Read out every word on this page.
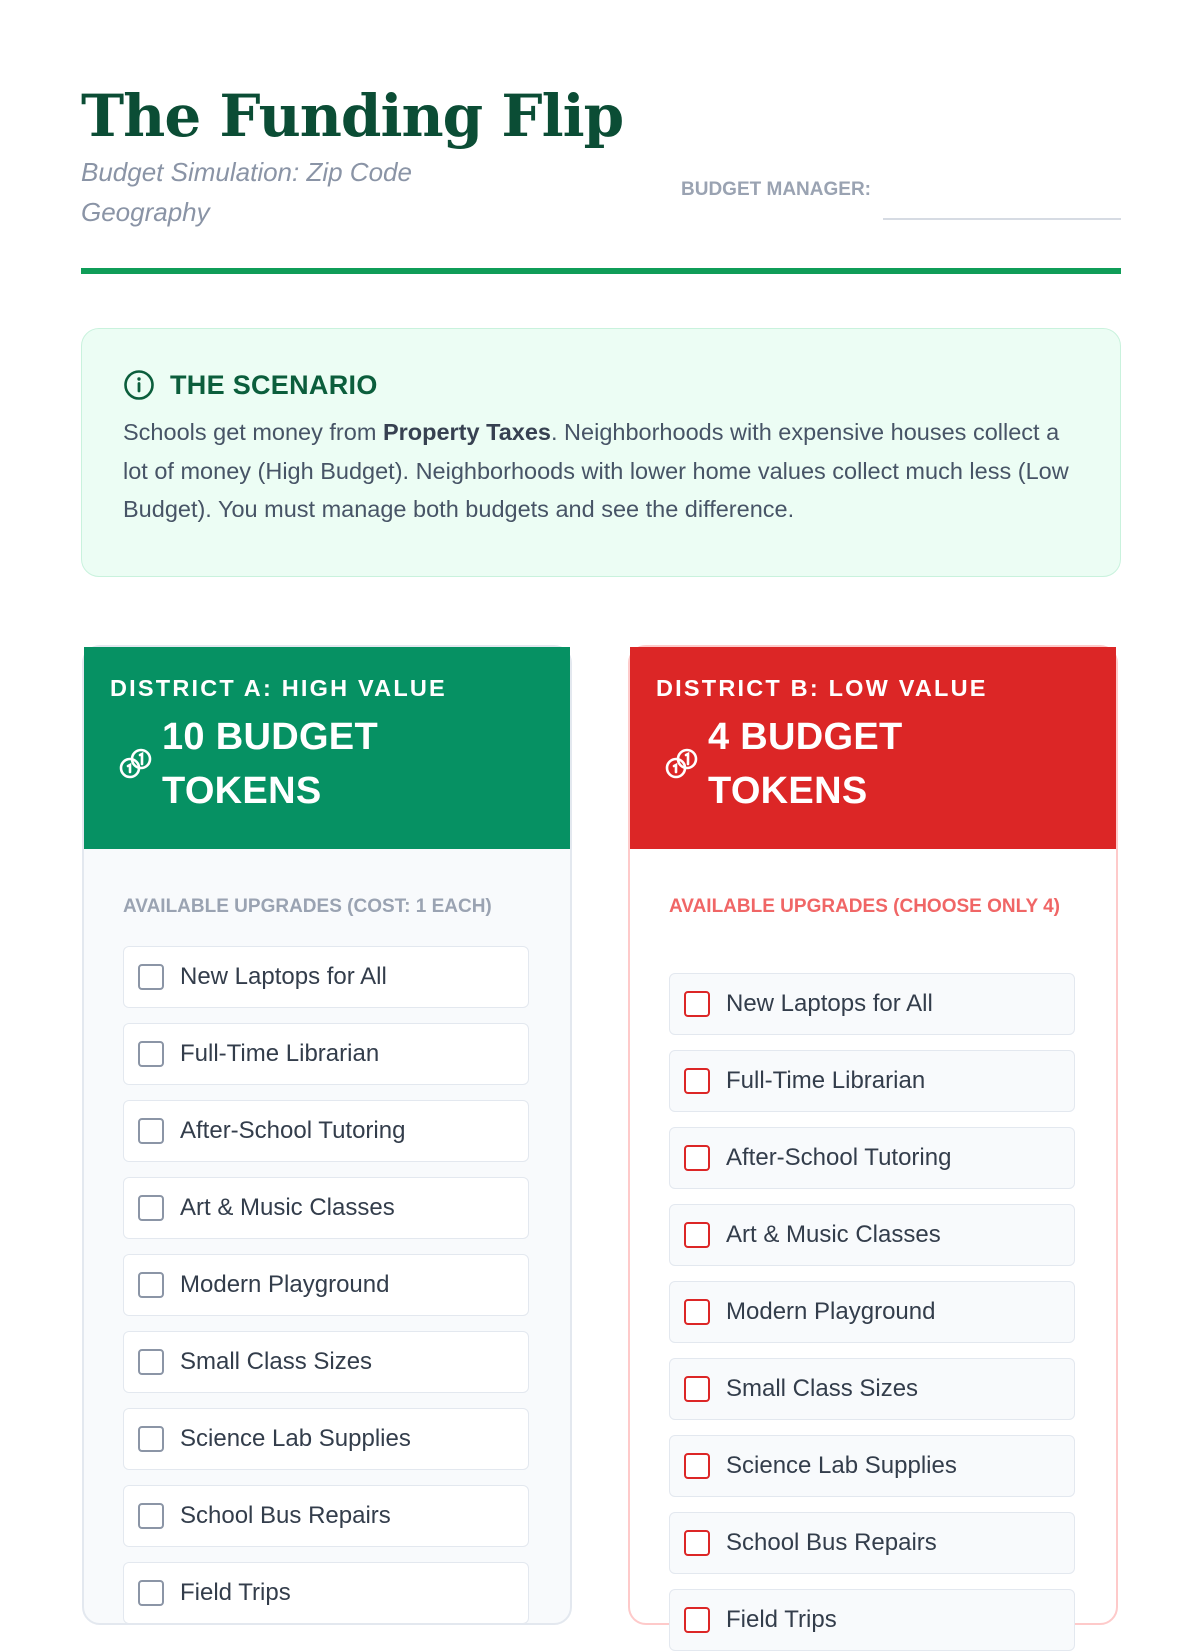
The Funding Flip
Budget Simulation: Zip Code Geography
BUDGET MANAGER:
THE SCENARIO

Schools get money from Property Taxes. Neighborhoods with expensive houses collect a lot of money (High Budget). Neighborhoods with lower home values collect much less (Low Budget). You must manage both budgets and see the difference.

DISTRICT A: HIGH VALUE
10 BUDGET
TOKENS
AVAILABLE UPGRADES (COST: 1 EACH)
New Laptops for All
Full-Time Librarian
After-School Tutoring
Art & Music Classes
Modern Playground
Small Class Sizes
Science Lab Supplies
School Bus Repairs
Field Trips
DISTRICT B: LOW VALUE
4 BUDGET
TOKENS
AVAILABLE UPGRADES (CHOOSE ONLY 4)
New Laptops for All
Full-Time Librarian
After-School Tutoring
Art & Music Classes
Modern Playground
Small Class Sizes
Science Lab Supplies
School Bus Repairs
Field Trips
